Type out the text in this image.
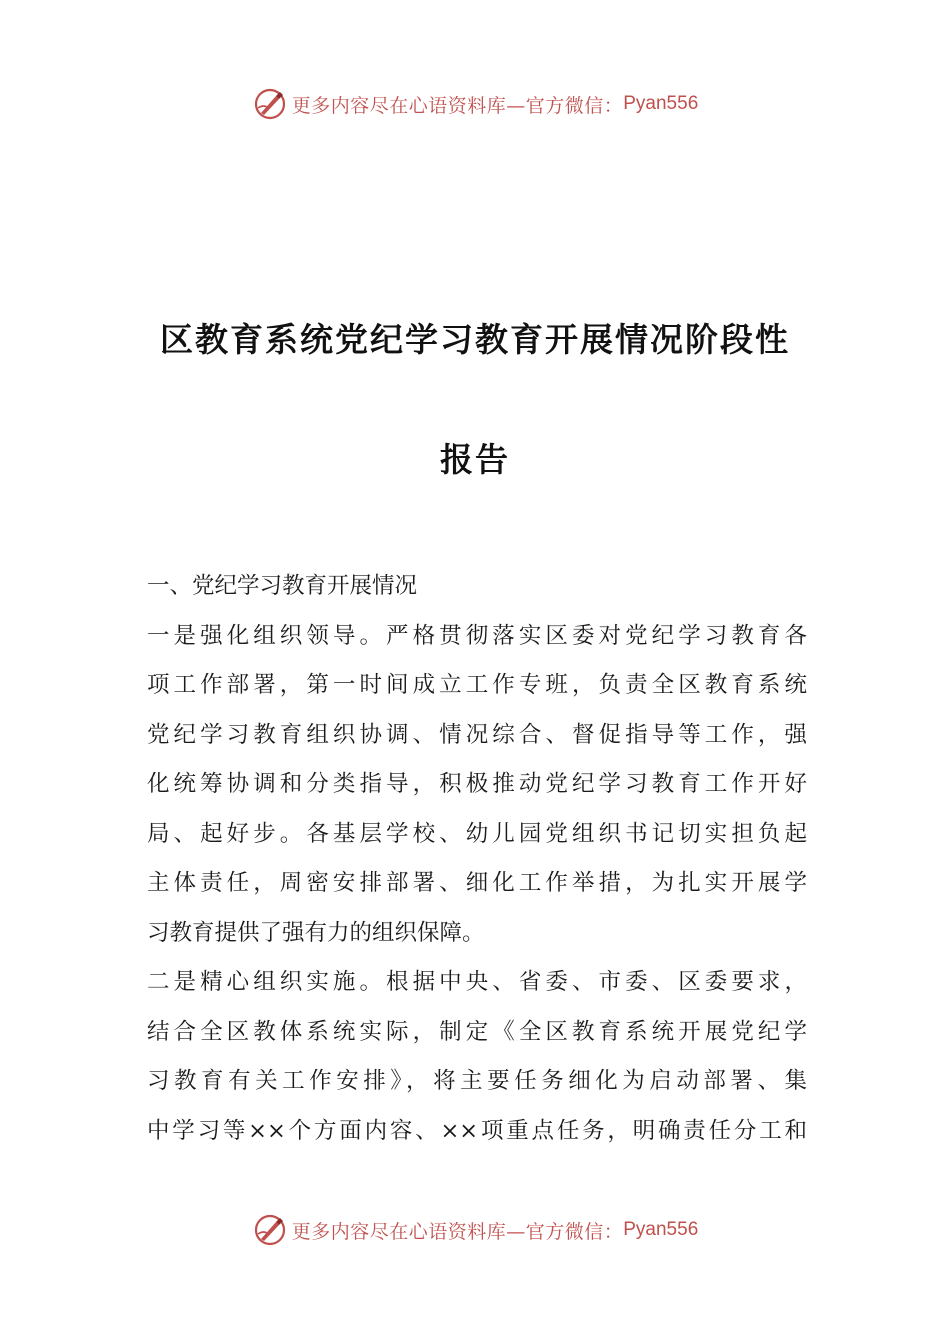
更多内容尽在心语资料库—官方微信： Pyan556
区教育系统党纪学习教育开展情况阶段性
报告
一、党纪学习教育开展情况
一是强化组织领导。严格贯彻落实区委对党纪学习教育各
项工作部署，第一时间成立工作专班，负责全区教育系统
党纪学习教育组织协调、情况综合、督促指导等工作，强
化统筹协调和分类指导，积极推动党纪学习教育工作开好
局、起好步。各基层学校、幼儿园党组织书记切实担负起
主体责任，周密安排部署、细化工作举措，为扎实开展学
习教育提供了强有力的组织保障。
二是精心组织实施。根据中央、省委、市委、区委要求，
结合全区教体系统实际，制定《全区教育系统开展党纪学
习教育有关工作安排》，将主要任务细化为启动部署、集
中学习等××个方面内容、××项重点任务，明确责任分工和
更多内容尽在心语资料库—官方微信： Pyan556
